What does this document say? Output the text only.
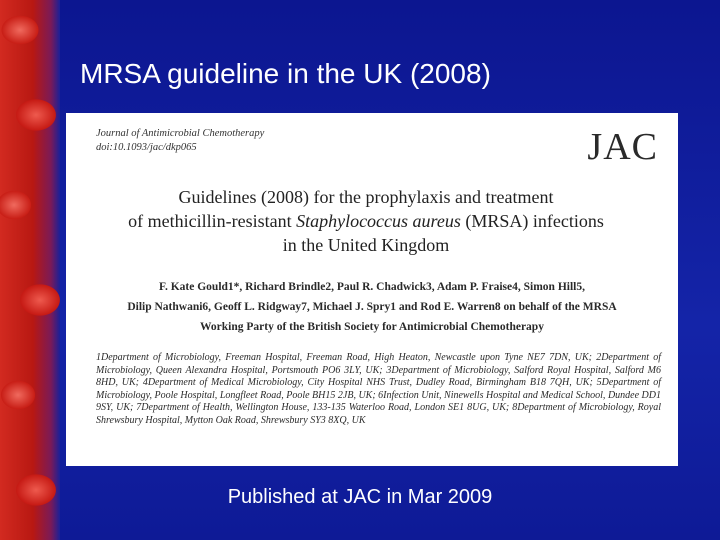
MRSA guideline in the UK (2008)
Journal of Antimicrobial Chemotherapy
doi:10.1093/jac/dkp065	JAC
Guidelines (2008) for the prophylaxis and treatment
of methicillin-resistant Staphylococcus aureus (MRSA) infections
in the United Kingdom
F. Kate Gould1*, Richard Brindle2, Paul R. Chadwick3, Adam P. Fraise4, Simon Hill5,
Dilip Nathwani6, Geoff L. Ridgway7, Michael J. Spry1 and Rod E. Warren8 on behalf of the MRSA
Working Party of the British Society for Antimicrobial Chemotherapy
1Department of Microbiology, Freeman Hospital, Freeman Road, High Heaton, Newcastle upon Tyne NE7 7DN, UK; 2Department of Microbiology, Queen Alexandra Hospital, Portsmouth PO6 3LY, UK; 3Department of Microbiology, Salford Royal Hospital, Salford M6 8HD, UK; 4Department of Medical Microbiology, City Hospital NHS Trust, Dudley Road, Birmingham B18 7QH, UK; 5Department of Microbiology, Poole Hospital, Longfleet Road, Poole BH15 2JB, UK; 6Infection Unit, Ninewells Hospital and Medical School, Dundee DD1 9SY, UK; 7Department of Health, Wellington House, 133-135 Waterloo Road, London SE1 8UG, UK; 8Department of Microbiology, Royal Shrewsbury Hospital, Mytton Oak Road, Shrewsbury SY3 8XQ, UK
Published at JAC in Mar 2009
